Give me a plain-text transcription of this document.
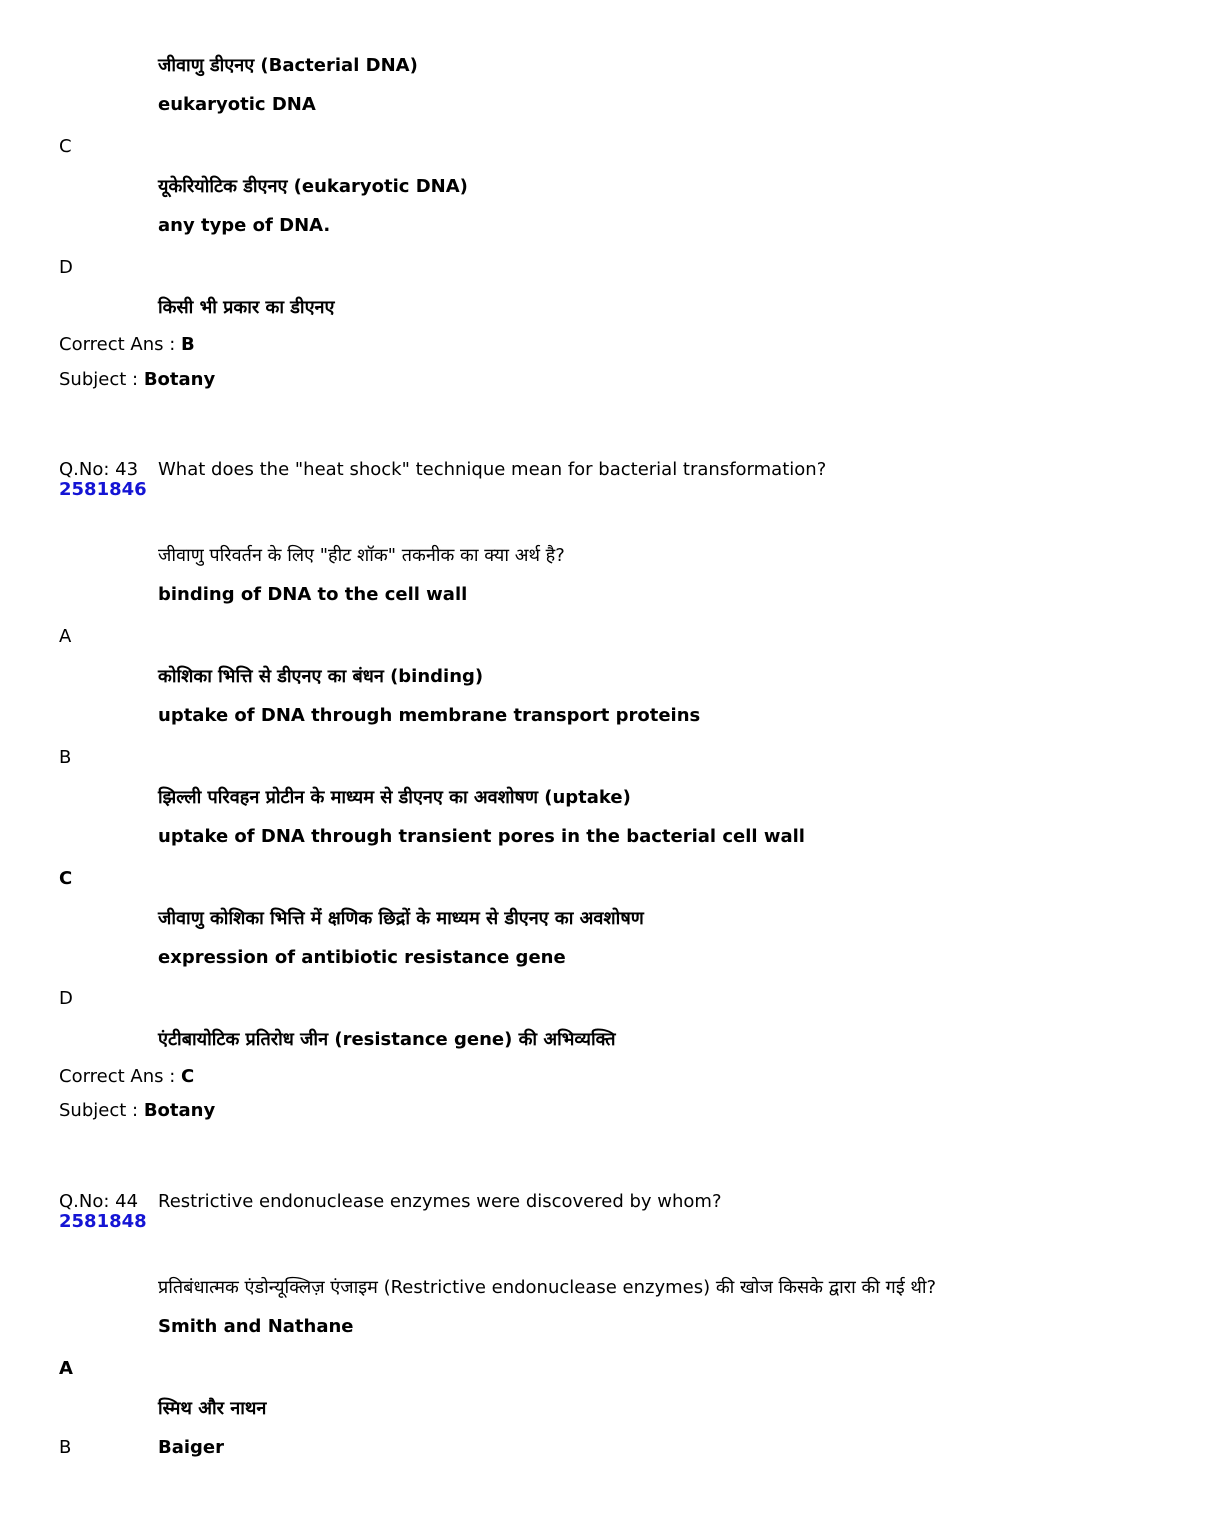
जीवाणु डीएनए (Bacterial DNA)
eukaryotic DNA
C
यूकेरियोटिक डीएनए (eukaryotic DNA)
any type of DNA.
D
किसी भी प्रकार का डीएनए
Correct Ans : B
Subject : Botany
Q.No: 43 What does the "heat shock" technique mean for bacterial transformation?
2581846
जीवाणु परिवर्तन के लिए "हीट शॉक" तकनीक का क्या अर्थ है?
binding of DNA to the cell wall
A
कोशिका भित्ति से डीएनए का बंधन (binding)
uptake of DNA through membrane transport proteins
B
झिल्ली परिवहन प्रोटीन के माध्यम से डीएनए का अवशोषण (uptake)
uptake of DNA through transient pores in the bacterial cell wall
C
जीवाणु कोशिका भित्ति में क्षणिक छिद्रों के माध्यम से डीएनए का अवशोषण
expression of antibiotic resistance gene
D
एंटीबायोटिक प्रतिरोध जीन (resistance gene) की अभिव्यक्ति
Correct Ans : C
Subject : Botany
Q.No: 44 Restrictive endonuclease enzymes were discovered by whom?
2581848
प्रतिबंधात्मक एंडोन्यूक्लिज़ एंजाइम (Restrictive endonuclease enzymes) की खोज किसके द्वारा की गई थी?
Smith and Nathane
A
स्मिथ और नाथन
B	Baiger
